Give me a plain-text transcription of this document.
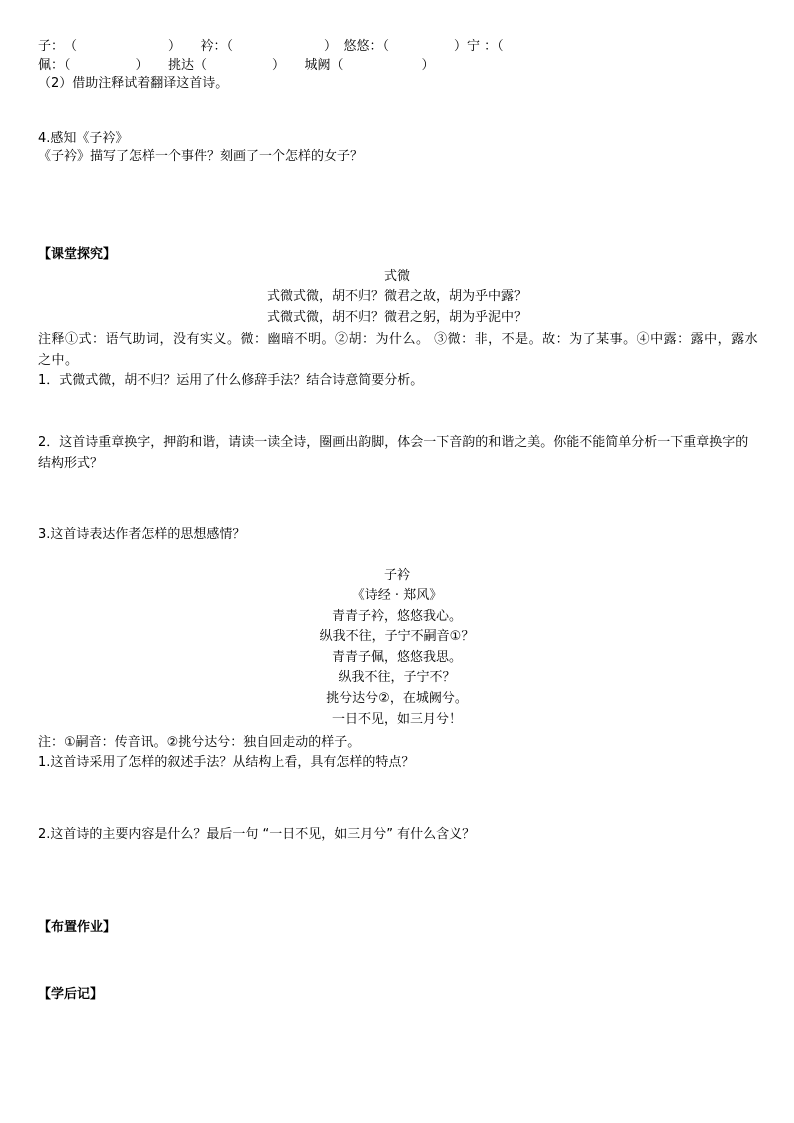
子：　（　　　　　　　）　　衿：（　　　　　　　）　悠悠：（　　　　　）宁 ：（
佩：（　　　　　）　　挑达（　　　　　）　　城阙（　　　　　　）
（2）借助注释试着翻译这首诗。
4.感知《子衿》
《子衿》描写了怎样一个事件？刻画了一个怎样的女子？
【课堂探究】
式微
式微式微，胡不归？微君之故，胡为乎中露？
式微式微，胡不归？微君之躬，胡为乎泥中？
注释①式：语气助词，没有实义。微：幽暗不明。②胡：为什么。 ③微：非，不是。故：为了某事。④中露：露中，露水之中。
1．式微式微，胡不归？运用了什么修辞手法？结合诗意简要分析。
2．这首诗重章换字，押韵和谐，请读一读全诗，圈画出韵脚，体会一下音韵的和谐之美。你能不能简单分析一下重章换字的结构形式？
3.这首诗表达作者怎样的思想感情？
子衿
《诗经 · 郑风》
青青子衿，悠悠我心。
纵我不往，子宁不嗣音①？
青青子佩，悠悠我思。
纵我不往，子宁不？
挑兮达兮②，在城阙兮。
一日不见，如三月兮！
注：①嗣音：传音讯。②挑兮达兮：独自回走动的样子。
1.这首诗采用了怎样的叙述手法？从结构上看，具有怎样的特点？
2.这首诗的主要内容是什么？最后一句 “一日不见，如三月兮” 有什么含义？
【布置作业】
【学后记】
